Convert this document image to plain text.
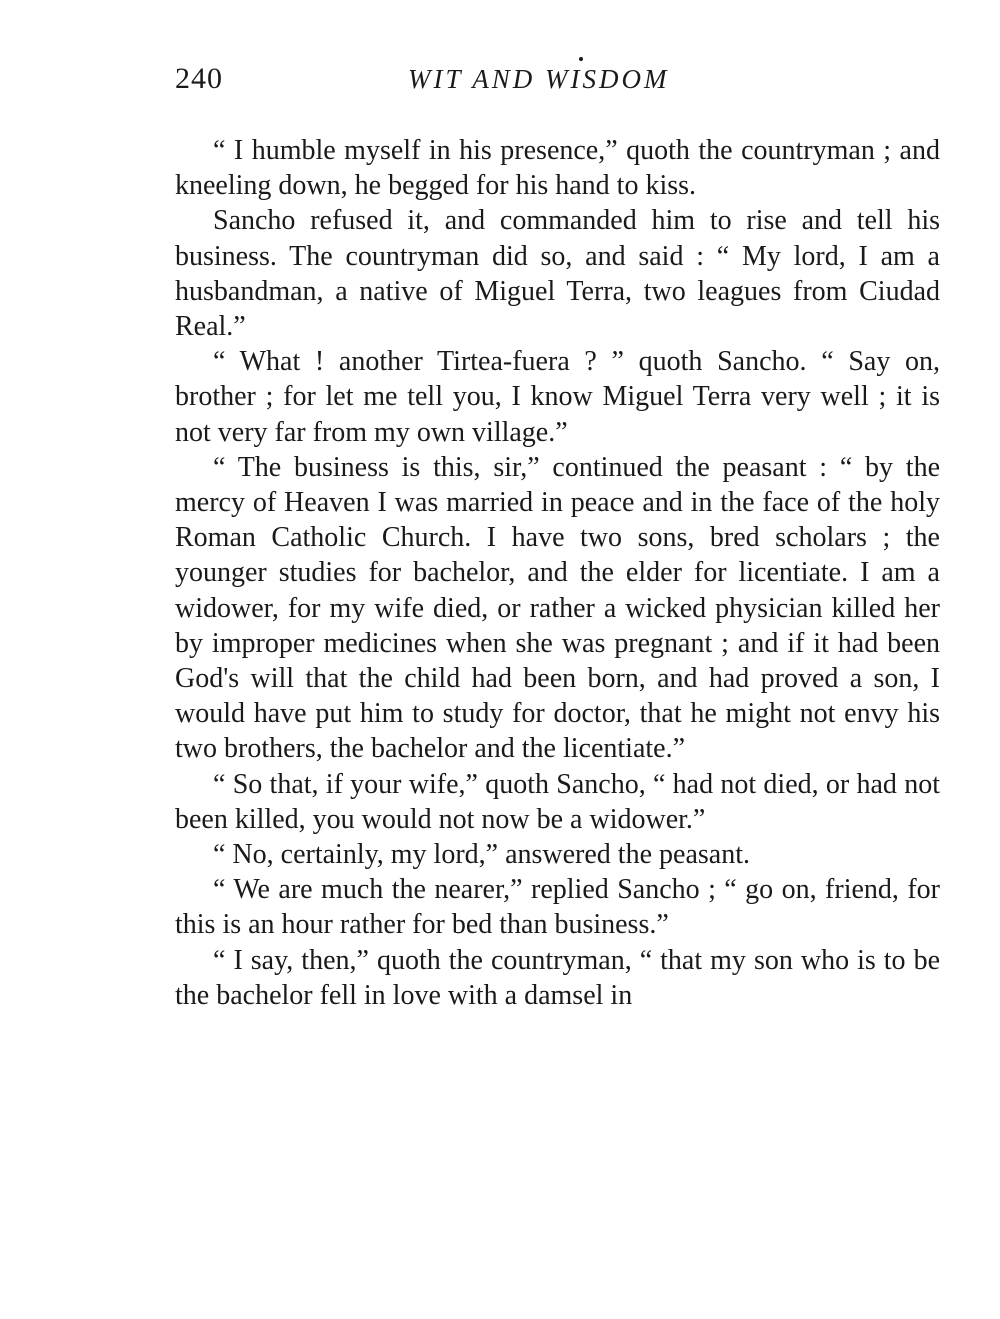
240	WIT AND WISDOM

“ I humble myself in his presence,” quoth the countryman ; and kneeling down, he begged for his hand to kiss.

Sancho refused it, and commanded him to rise and tell his business. The countryman did so, and said : “ My lord, I am a husbandman, a native of Miguel Terra, two leagues from Ciudad Real.”

“ What ! another Tirtea-fuera ? ” quoth Sancho. “ Say on, brother ; for let me tell you, I know Miguel Terra very well ; it is not very far from my own village.”

“ The business is this, sir,” continued the peasant : “ by the mercy of Heaven I was married in peace and in the face of the holy Roman Catholic Church. I have two sons, bred scholars ; the younger studies for bachelor, and the elder for licentiate. I am a widower, for my wife died, or rather a wicked physician killed her by improper medicines when she was pregnant ; and if it had been God's will that the child had been born, and had proved a son, I would have put him to study for doctor, that he might not envy his two brothers, the bachelor and the licentiate.”

“ So that, if your wife,” quoth Sancho, “ had not died, or had not been killed, you would not now be a widower.”

“ No, certainly, my lord,” answered the peasant.

“ We are much the nearer,” replied Sancho ; “ go on, friend, for this is an hour rather for bed than business.”

“ I say, then,” quoth the countryman, “ that my son who is to be the bachelor fell in love with a damsel in
